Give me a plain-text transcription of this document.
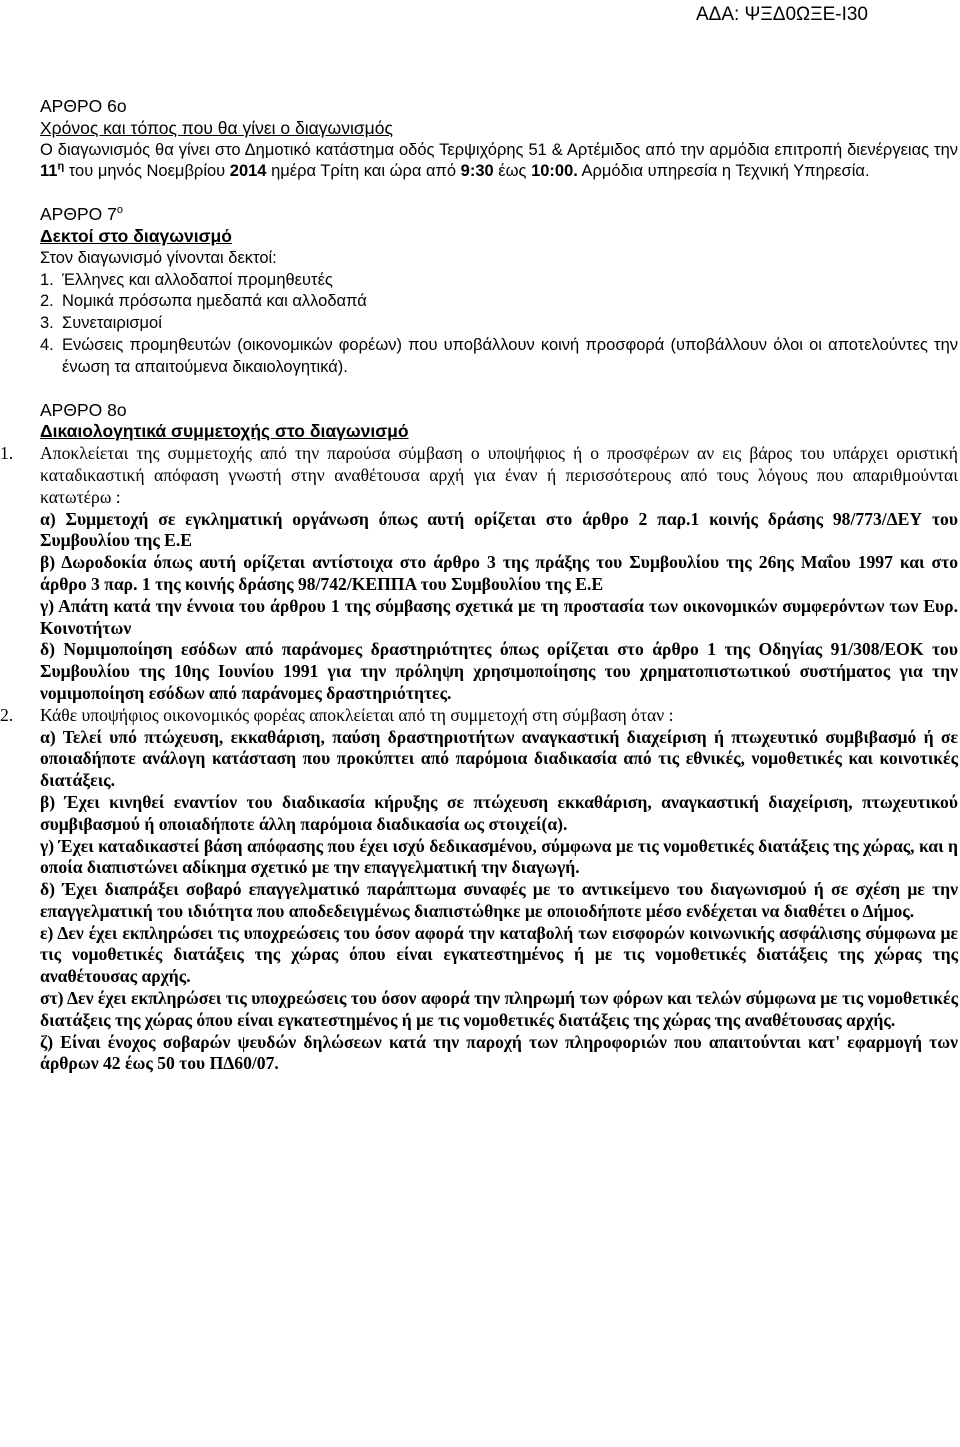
ΑΔΑ: ΨΞΔ0ΩΞΕ-Ι30

ΑΡΘΡΟ 6ο

Χρόνος και τόπος που θα γίνει ο διαγωνισμός

Ο διαγωνισμός θα γίνει στο Δημοτικό κατάστημα οδός Τερψιχόρης 51 & Αρτέμιδος από την αρμόδια επιτροπή διενέργειας την $11^\eta$ του μηνός Νοεμβρίου 2014 ημέρα Τρίτη και ώρα από 9:30 έως 10:00. Αρμόδια υπηρεσία η Τεχνική Υπηρεσία.

ΑΡΘΡΟ $7^o$

Δεκτοί στο διαγωνισμό

Στον διαγωνισμό γίνονται δεκτοί:

1. Έλληνες και αλλοδαποί προμηθευτές
2. Νομικά πρόσωπα ημεδαπά και αλλοδαπά
3. Συνεταιρισμοί
4. Ενώσεις προμηθευτών (οικονομικών φορέων) που υποβάλλουν κοινή προσφορά (υποβάλλουν όλοι οι αποτελούντες την ένωση τα απαιτούμενα δικαιολογητικά).

ΑΡΘΡΟ 8ο

Δικαιολογητικά συμμετοχής στο διαγωνισμό

1.	Αποκλείεται της συμμετοχής από την παρούσα σύμβαση ο υποψήφιος ή ο προσφέρων αν εις βάρος του υπάρχει οριστική καταδικαστική απόφαση γνωστή στην αναθέτουσα αρχή για έναν ή περισσότερους από τους λόγους που απαριθμούνται κατωτέρω :

α) Συμμετοχή σε εγκληματική οργάνωση όπως αυτή ορίζεται στο άρθρο 2 παρ.1 κοινής δράσης 98/773/ΔΕΥ του Συμβουλίου της Ε.Ε

β) Δωροδοκία όπως αυτή ορίζεται αντίστοιχα στο άρθρο 3 της πράξης του Συμβουλίου της 26ης Μαΐου 1997 και στο άρθρο 3 παρ. 1 της κοινής δράσης 98/742/ΚΕΠΠΑ του Συμβουλίου της Ε.Ε

γ) Απάτη κατά την έννοια του άρθρου 1 της σύμβασης σχετικά με τη προστασία των οικονομικών συμφερόντων των Ευρ. Κοινοτήτων

δ) Νομιμοποίηση εσόδων από παράνομες δραστηριότητες όπως ορίζεται στο άρθρο 1 της Οδηγίας 91/308/ΕΟΚ του Συμβουλίου της 10ης Ιουνίου 1991 για την πρόληψη χρησιμοποίησης του χρηματοπιστωτικού συστήματος για την νομιμοποίηση εσόδων από παράνομες δραστηριότητες.

2.	Κάθε υποψήφιος οικονομικός φορέας αποκλείεται από τη συμμετοχή στη σύμβαση όταν :

α) Τελεί υπό πτώχευση, εκκαθάριση, παύση δραστηριοτήτων αναγκαστική διαχείριση ή πτωχευτικό συμβιβασμό ή σε οποιαδήποτε ανάλογη κατάσταση που προκύπτει από παρόμοια διαδικασία από τις εθνικές, νομοθετικές και κοινοτικές διατάξεις.

β) Έχει κινηθεί εναντίον του διαδικασία κήρυξης σε πτώχευση εκκαθάριση, αναγκαστική διαχείριση, πτωχευτικού συμβιβασμού ή οποιαδήποτε άλλη παρόμοια διαδικασία ως στοιχεί(α).

γ) Έχει καταδικαστεί βάση απόφασης που έχει ισχύ δεδικασμένου, σύμφωνα με τις νομοθετικές διατάξεις της χώρας, και η οποία διαπιστώνει αδίκημα σχετικό με την επαγγελματική την διαγωγή.

δ) Έχει διαπράξει σοβαρό επαγγελματικό παράπτωμα συναφές με το αντικείμενο του διαγωνισμού ή σε σχέση με την επαγγελματική του ιδιότητα που αποδεδειγμένως διαπιστώθηκε με οποιοδήποτε μέσο ενδέχεται να διαθέτει ο Δήμος.

ε) Δεν έχει εκπληρώσει τις υποχρεώσεις του όσον αφορά την καταβολή των εισφορών κοινωνικής ασφάλισης σύμφωνα με τις νομοθετικές διατάξεις της χώρας όπου είναι εγκατεστημένος ή με τις νομοθετικές διατάξεις της χώρας της αναθέτουσας αρχής.

στ) Δεν έχει εκπληρώσει τις υποχρεώσεις του όσον αφορά την πληρωμή των φόρων και τελών σύμφωνα με τις νομοθετικές διατάξεις της χώρας όπου είναι εγκατεστημένος ή με τις νομοθετικές διατάξεις της χώρας της αναθέτουσας αρχής.

ζ) Είναι ένοχος σοβαρών ψευδών δηλώσεων κατά την παροχή των πληροφοριών που απαιτούνται κατ' εφαρμογή των άρθρων 42 έως 50 του ΠΔ60/07.
